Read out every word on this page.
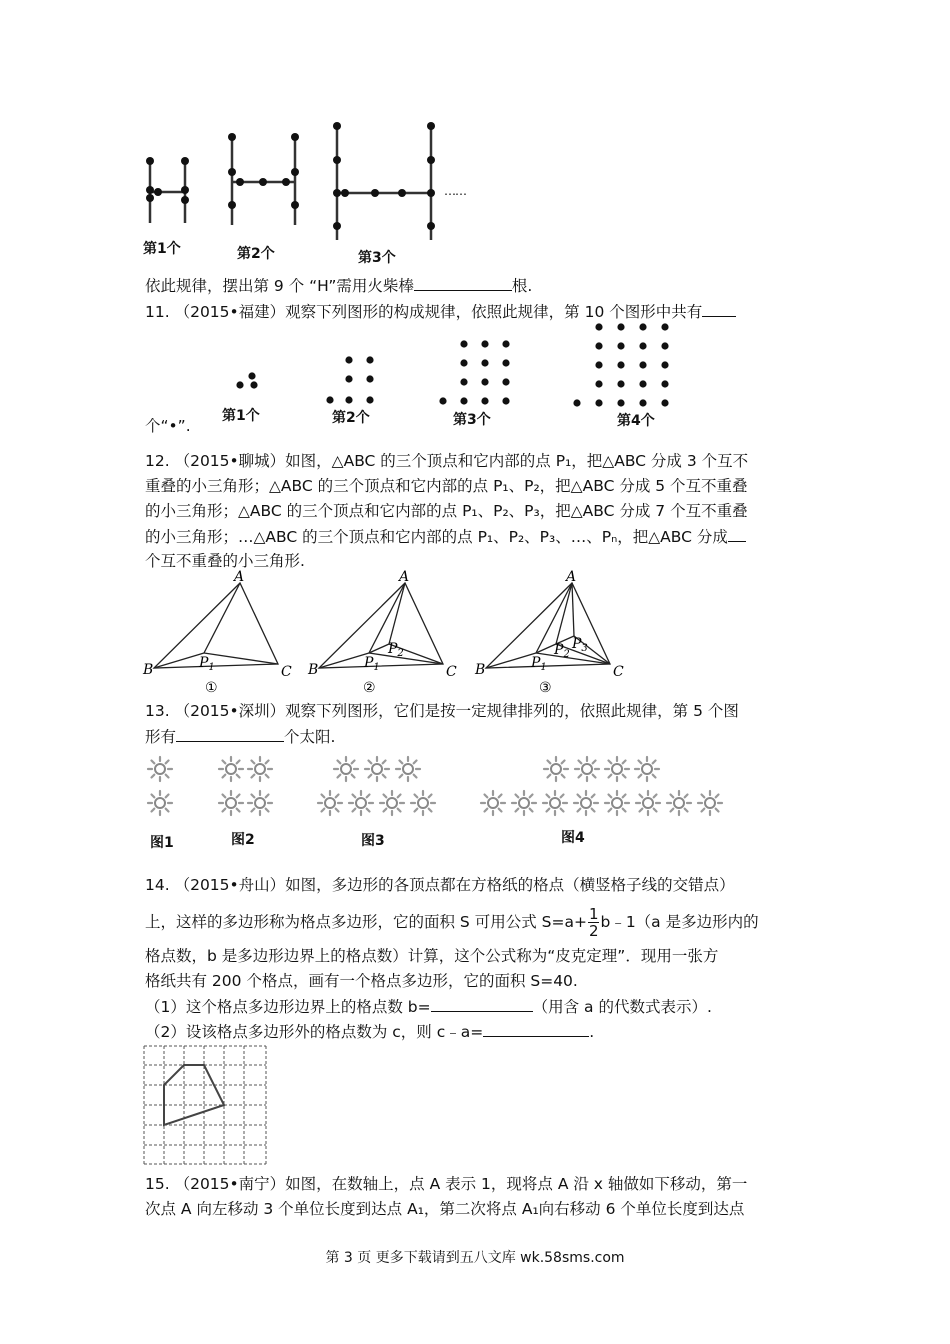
第1个	第2个	第3个
……
依此规律，摆出第 9 个 “H”需用火柴棒	根.
11. （2015•福建）观察下列图形的构成规律，依照此规律，第 10 个图形中共有
第1个	第2个	第3个	第4个
个“•”.
12. （2015•聊城）如图，△ABC 的三个顶点和它内部的点 P₁，把△ABC 分成 3 个互不
重叠的小三角形；△ABC 的三个顶点和它内部的点 P₁、P₂，把△ABC 分成 5 个互不重叠
的小三角形；△ABC 的三个顶点和它内部的点 P₁、P₂、P₃，把△ABC 分成 7 个互不重叠
的小三角形；…△ABC 的三个顶点和它内部的点 P₁、P₂、P₃、…、Pₙ，把△ABC 分成
个互不重叠的小三角形.
A
B	C
$P_1$
①
A
B	C
$P_1$
$P_2$
②
A
B	C
$P_1$
$P_2$
$P_3$
③
13. （2015•深圳）观察下列图形，它们是按一定规律排列的，依照此规律，第 5 个图
形有	个太阳.
图1	图2	图3	图4
14. （2015•舟山）如图，多边形的各顶点都在方格纸的格点（横竖格子线的交错点）
上，这样的多边形称为格点多边形，它的面积 S 可用公式 $S=a+ \frac{1}{2}$ b﹣1（a 是多边形内的
格点数，b 是多边形边界上的格点数）计算，这个公式称为“皮克定理”．现用一张方
格纸共有 200 个格点，画有一个格点多边形，它的面积 S=40.
（1）这个格点多边形边界上的格点数 b=	（用含 a 的代数式表示）.
（2）设该格点多边形外的格点数为 c，则 c﹣a=	.
15. （2015•南宁）如图，在数轴上，点 A 表示 1，现将点 A 沿 x 轴做如下移动，第一
次点 A 向左移动 3 个单位长度到达点 A₁，第二次将点 A₁向右移动 6 个单位长度到达点
第 3 页 更多下载请到五八文库 wk.58sms.com
